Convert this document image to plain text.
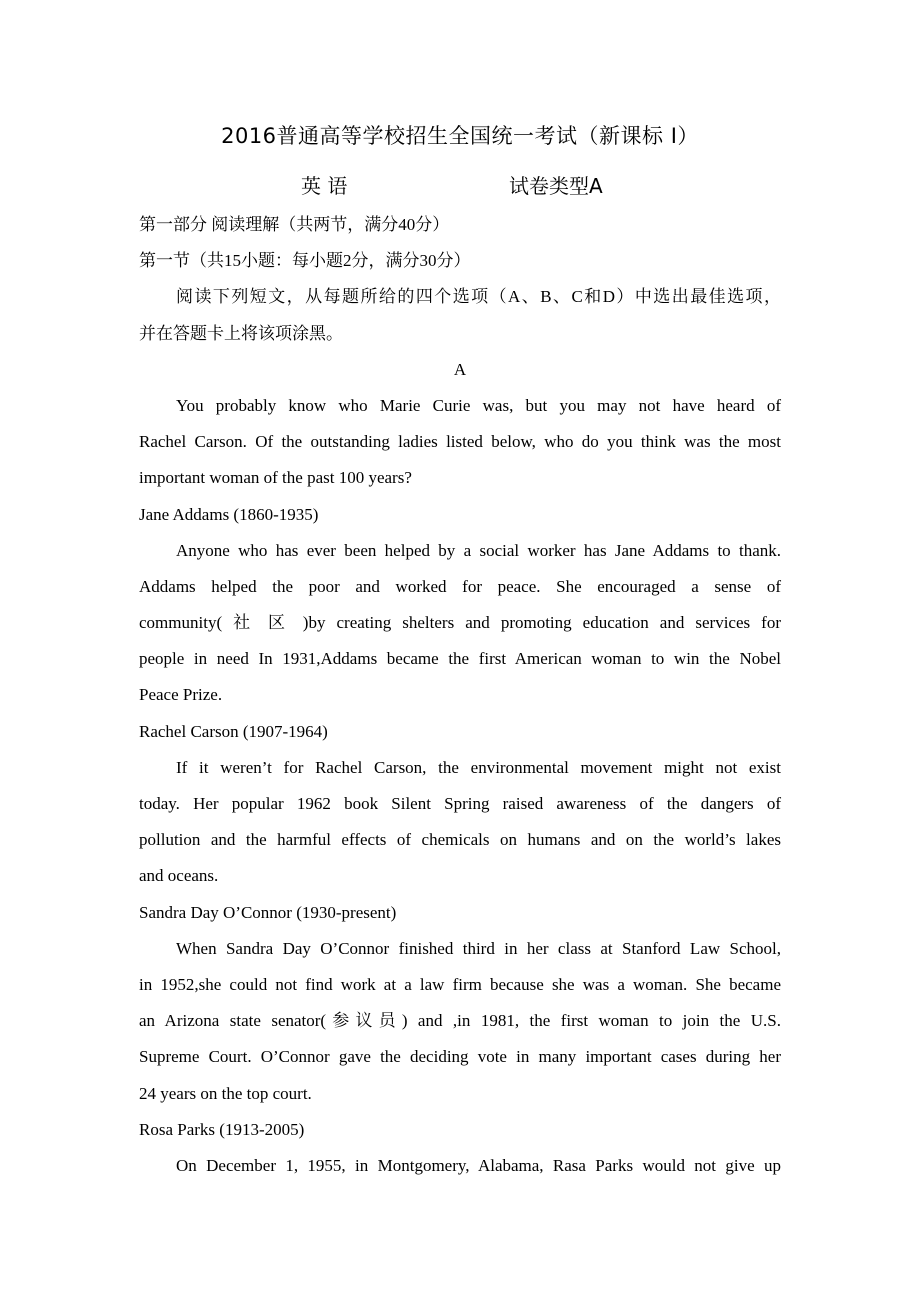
2016普通高等学校招生全国统一考试（新课标 I）
英 语	试卷类型A
第一部分 阅读理解（共两节，满分40分）
第一节（共15小题：每小题2分，满分30分）
阅读下列短文，从每题所给的四个选项（A、B、C和D）中选出最佳选项，
并在答题卡上将该项涂黑。
A
You probably know who Marie Curie was, but you may not have heard of
Rachel Carson. Of the outstanding ladies listed below, who do you think was the most
important woman of the past 100 years?
Jane Addams (1860-1935)
Anyone who has ever been helped by a social worker has Jane Addams to thank.
Addams helped the poor and worked for peace. She encouraged a sense of
community( 社 区 )by creating shelters and promoting education and services for
people in need In 1931,Addams became the first American woman to win the Nobel
Peace Prize.
Rachel Carson (1907-1964)
If it weren’t for Rachel Carson, the environmental movement might not exist
today. Her popular 1962 book Silent Spring raised awareness of the dangers of
pollution and the harmful effects of chemicals on humans and on the world’s lakes
and oceans.
Sandra Day O’Connor (1930-present)
When Sandra Day O’Connor finished third in her class at Stanford Law School,
in 1952,she could not find work at a law firm because she was a woman. She became
an Arizona state senator(参议员) and ,in 1981, the first woman to join the U.S.
Supreme Court. O’Connor gave the deciding vote in many important cases during her
24 years on the top court.
Rosa Parks (1913-2005)
On December 1, 1955, in Montgomery, Alabama, Rasa Parks would not give up
